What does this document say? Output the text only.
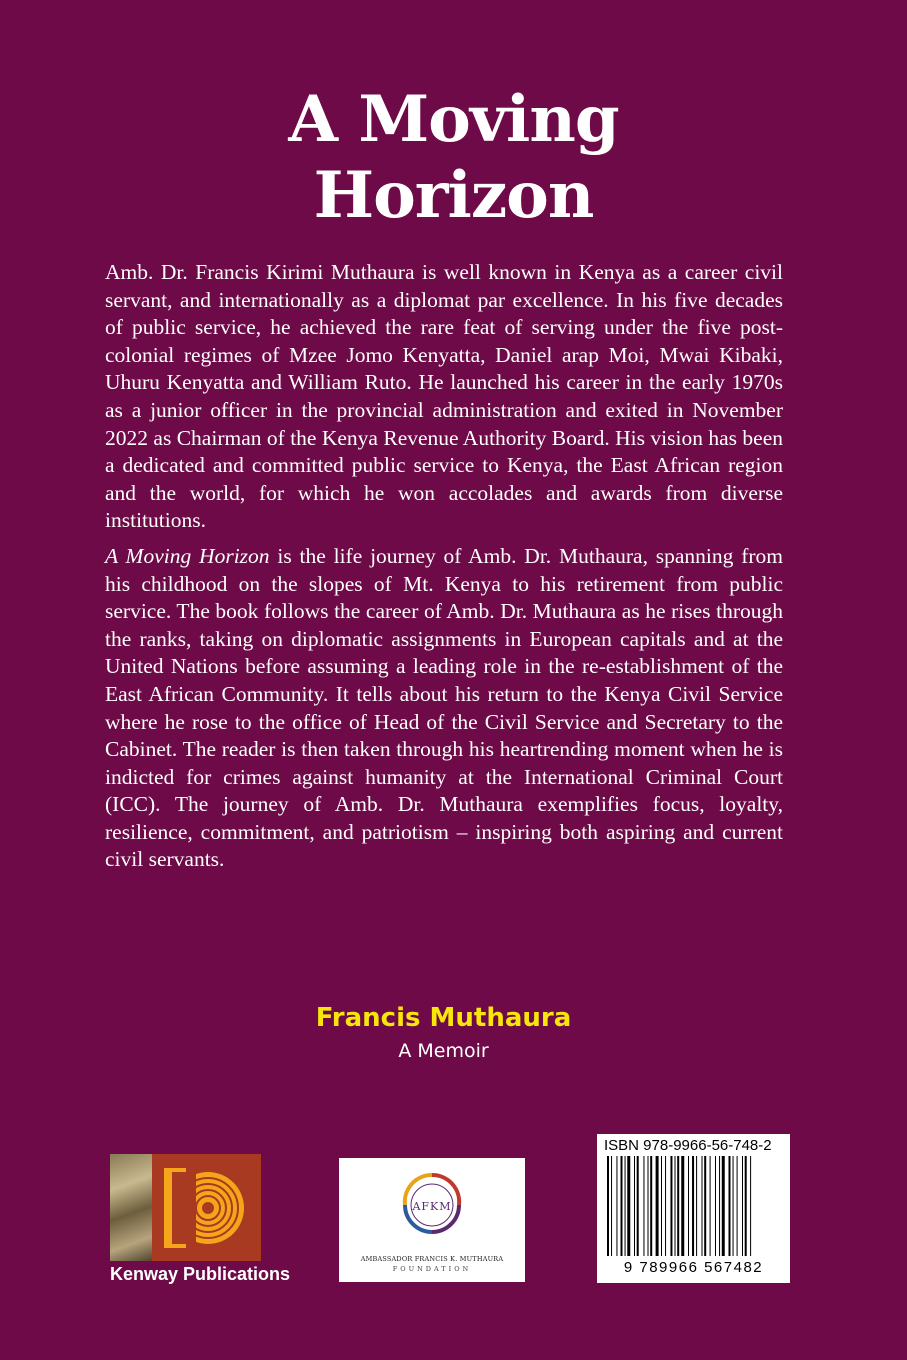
A Moving
Horizon

Amb. Dr. Francis Kirimi Muthaura is well known in Kenya as a career civil servant, and internationally as a diplomat par excellence. In his five decades of public service, he achieved the rare feat of serving under the five post-colonial regimes of Mzee Jomo Kenyatta, Daniel arap Moi, Mwai Kibaki, Uhuru Kenyatta and William Ruto. He launched his career in the early 1970s as a junior officer in the provincial administration and exited in November 2022 as Chairman of the Kenya Revenue Authority Board. His vision has been a dedicated and committed public service to Kenya, the East African region and the world, for which he won accolades and awards from diverse institutions.

A Moving Horizon is the life journey of Amb. Dr. Muthaura, spanning from his childhood on the slopes of Mt. Kenya to his retirement from public service. The book follows the career of Amb. Dr. Muthaura as he rises through the ranks, taking on diplomatic assignments in European capitals and at the United Nations before assuming a leading role in the re-establishment of the East African Community. It tells about his return to the Kenya Civil Service where he rose to the office of Head of the Civil Service and Secretary to the Cabinet. The reader is then taken through his heartrending moment when he is indicted for crimes against humanity at the International Criminal Court (ICC). The journey of Amb. Dr. Muthaura exemplifies focus, loyalty, resilience, commitment, and patriotism – inspiring both aspiring and current civil servants.

Francis Muthaura
A Memoir
Kenway Publications
AFKM
AMBASSADOR FRANCIS K. MUTHAURA
FOUNDATION
ISBN 978-9966-56-748-2
9 789966 567482
